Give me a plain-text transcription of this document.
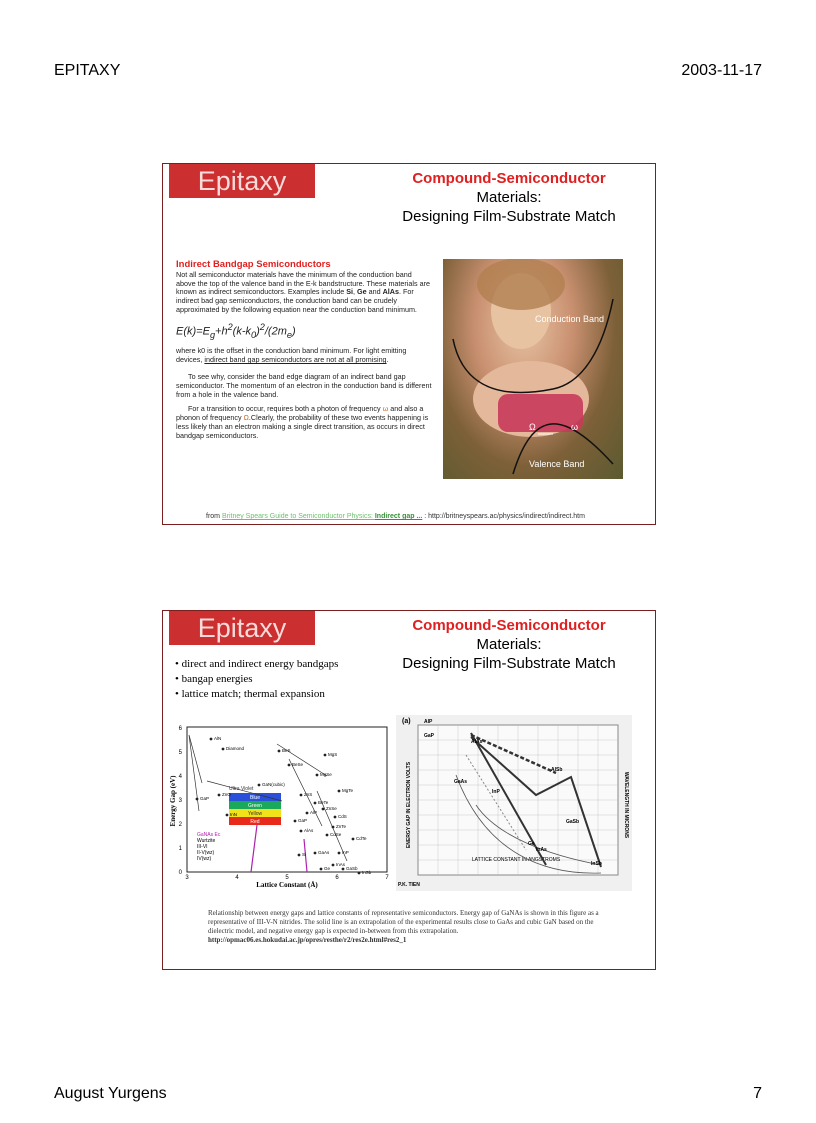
EPITAXY	2003-11-17
August Yurgens	7
Epitaxy	Compound-Semiconductor
Materials:
Designing Film-Substrate Match
Indirect Bandgap Semiconductors
Not all semiconductor materials have the minimum of the conduction band above the top of the valence band in the E-k bandstructure. These materials are known as indirect semiconductors. Examples include Si, Ge and AlAs. For indirect bad gap semiconductors, the conduction band can be crudely approximated by the following equation near the conduction band minimum.
$E(k)=E_g+h^2(k-k_0)^2/(2m_e)$
where k0 is the offset in the conduction band minimum. For light emitting devices, indirect band gap semiconductors are not at all promising.
To see why, consider the band edge diagram of an indirect band gap semiconductor. The momentum of an electron in the conduction band is different from a hole in the valence band.
For a transition to occur, requires both a photon of frequency ω and also a phonon of frequency Ω.Clearly, the probability of these two events happening is less likely than an electron making a single direct transition, as occurs in direct bandgap semiconductors.
Conduction Band
Valence Band
Ω	ω
from Britney Spears Guide to Semiconductor Physics: Indirect gap ... : http://britneyspears.ac/physics/indirect/indirect.htm
Epitaxy	Compound-Semiconductor
Materials:
Designing Film-Substrate Match
• direct and indirect energy bandgaps
• bangap energies
• lattice match; thermal expansion
3	4	5	6	7
0
1
2
3
4
5
6
Energy Gap (eV)
Lattice Constant (Å)
Blue
Green
Yellow
Red
Ultra Violet
AlN
Diamond	BeS
MgS
BeSe
GaN(cubic)
ZnO
GaP
InN
ZnS
MgSe
MgTe
BeTe
AlP
ZnSe
CdS
GaP
AlAs
ZnTe
CdSe
GaAs	InP
CdTe
GaSb
InAs
InSb
Si
Ge
GaNAs Ec
Wurtzite
III-VI
II-V(wz)
IV(wz)
(a)
ENERGY GAP IN ELECTRON VOLTS	WAVELENGTH IN MICRONS
LATTICE CONSTANT IN ANGSTROMS
P.K. TIEN
AlP
GaP
AlAs
AlSb
GaAs
InP
GaSb
InAs
InSb
Ge
Relationship between energy gaps and lattice constants of representative semiconductors. Energy gap of GaNAs is shown in this figure as a representative of III-V-N nitrides. The solid line is an extrapolation of the experimental results close to GaAs and cubic GaN based on the dielectric model, and negative energy gap is expected in-between from this extrapolation. http://opmac06.es.hokudai.ac.jp/opres/resthe/r2/res2e.html#res2_1
